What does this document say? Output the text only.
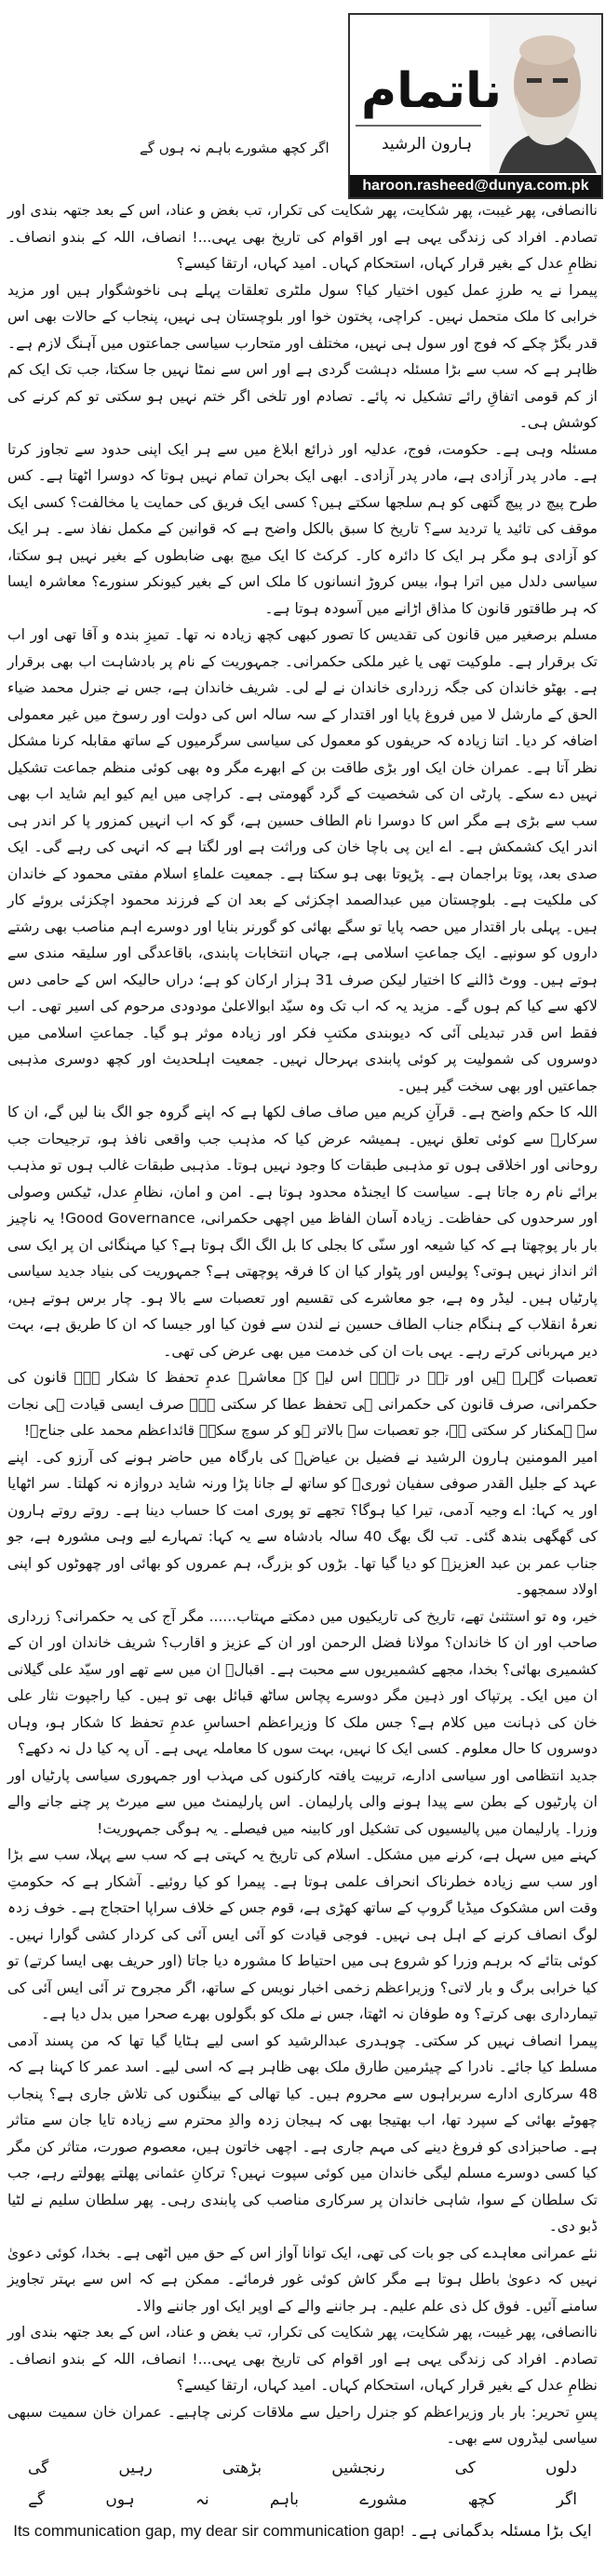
ناتمام
ہارون الرشید
haroon.rasheed@dunya.com.pk
اگر کچھ مشورے باہم نہ ہوں گے

ناانصافی، پھر غیبت، پھر شکایت، پھر شکایت کی تکرار، تب بغض و عناد، اس کے بعد جتھہ بندی اور تصادم۔ افراد کی زندگی یہی ہے اور اقوام کی تاریخ بھی یہی...! انصاف، اللہ کے بندو انصاف۔ نظامِ عدل کے بغیر قرار کہاں، استحکام کہاں۔ امید کہاں، ارتقا کیسے؟

پیمرا نے یہ طرزِ عمل کیوں اختیار کیا؟ سول ملٹری تعلقات پہلے ہی ناخوشگوار ہیں اور مزید خرابی کا ملک متحمل نہیں۔ کراچی، پختون خوا اور بلوچستان ہی نہیں، پنجاب کے حالات بھی اس قدر بگڑ چکے کہ فوج اور سول ہی نہیں، مختلف اور متحارب سیاسی جماعتوں میں آہنگ لازم ہے۔ ظاہر ہے کہ سب سے بڑا مسئلہ دہشت گردی ہے اور اس سے نمٹا نہیں جا سکتا، جب تک ایک کم از کم قومی اتفاقِ رائے تشکیل نہ پائے۔ تصادم اور تلخی اگر ختم نہیں ہو سکتی تو کم کرنے کی کوشش ہی۔

مسئلہ وہی ہے۔ حکومت، فوج، عدلیہ اور ذرائع ابلاغ میں سے ہر ایک اپنی حدود سے تجاوز کرتا ہے۔ مادر پدر آزادی ہے، مادر پدر آزادی۔ ابھی ایک بحران تمام نہیں ہوتا کہ دوسرا اٹھتا ہے۔ کس طرح پیچ در پیچ گتھی کو ہم سلجھا سکتے ہیں؟ کسی ایک فریق کی حمایت یا مخالفت؟ کسی ایک موقف کی تائید یا تردید سے؟ تاریخ کا سبق بالکل واضح ہے کہ قوانین کے مکمل نفاذ سے۔ ہر ایک کو آزادی ہو مگر ہر ایک کا دائرہ کار۔ کرکٹ کا ایک میچ بھی ضابطوں کے بغیر نہیں ہو سکتا، سیاسی دلدل میں اترا ہوا، بیس کروڑ انسانوں کا ملک اس کے بغیر کیونکر سنورے؟ معاشرہ ایسا کہ ہر طاقتور قانون کا مذاق اڑانے میں آسودہ ہوتا ہے۔

مسلم برصغیر میں قانون کی تقدیس کا تصور کبھی کچھ زیادہ نہ تھا۔ تمیزِ بندہ و آقا تھی اور اب تک برقرار ہے۔ ملوکیت تھی یا غیر ملکی حکمرانی۔ جمہوریت کے نام پر بادشاہت اب بھی برقرار ہے۔ بھٹو خاندان کی جگہ زرداری خاندان نے لے لی۔ شریف خاندان ہے، جس نے جنرل محمد ضیاء الحق کے مارشل لا میں فروغ پایا اور اقتدار کے سہ سالہ اس کی دولت اور رسوخ میں غیر معمولی اضافہ کر دیا۔ اتنا زیادہ کہ حریفوں کو معمول کی سیاسی سرگرمیوں کے ساتھ مقابلہ کرنا مشکل نظر آتا ہے۔ عمران خان ایک اور بڑی طاقت بن کے ابھرے مگر وہ بھی کوئی منظم جماعت تشکیل نہیں دے سکے۔ پارٹی ان کی شخصیت کے گرد گھومتی ہے۔ کراچی میں ایم کیو ایم شاید اب بھی سب سے بڑی ہے مگر اس کا دوسرا نام الطاف حسین ہے، گو کہ اب انہیں کمزور پا کر اندر ہی اندر ایک کشمکش ہے۔ اے این پی باچا خان کی وراثت ہے اور لگتا ہے کہ انہی کی رہے گی۔ ایک صدی بعد، پوتا براجمان ہے۔ پڑپوتا بھی ہو سکتا ہے۔ جمعیت علماءِ اسلام مفتی محمود کے خاندان کی ملکیت ہے۔ بلوچستان میں عبدالصمد اچکزئی کے بعد ان کے فرزند محمود اچکزئی بروئے کار ہیں۔ پہلی بار اقتدار میں حصہ پایا تو سگے بھائی کو گورنر بنایا اور دوسرے اہم مناصب بھی رشتے داروں کو سونپے۔ ایک جماعتِ اسلامی ہے، جہاں انتخابات پابندی، باقاعدگی اور سلیقہ مندی سے ہوتے ہیں۔ ووٹ ڈالنے کا اختیار لیکن صرف 31 ہزار ارکان کو ہے؛ دراں حالیکہ اس کے حامی دس لاکھ سے کیا کم ہوں گے۔ مزید یہ کہ اب تک وہ سیّد ابوالاعلیٰ مودودی مرحوم کی اسیر تھی۔ اب فقط اس قدر تبدیلی آئی کہ دیوبندی مکتبِ فکر اور زیادہ موثر ہو گیا۔ جماعتِ اسلامی میں دوسروں کی شمولیت پر کوئی پابندی بہرحال نہیں۔ جمعیت اہلحدیث اور کچھ دوسری مذہبی جماعتیں اور بھی سخت گیر ہیں۔

اللہ کا حکم واضح ہے۔ قرآنِ کریم میں صاف صاف لکھا ہے کہ اپنے گروہ جو الگ بنا لیں گے، ان کا سرکارؐ سے کوئی تعلق نہیں۔ ہمیشہ عرض کیا کہ مذہب جب واقعی نافذ ہو، ترجیحات جب روحانی اور اخلاقی ہوں تو مذہبی طبقات کا وجود نہیں ہوتا۔ مذہبی طبقات غالب ہوں تو مذہب برائے نام رہ جاتا ہے۔ سیاست کا ایجنڈہ محدود ہوتا ہے۔ امن و امان، نظامِ عدل، ٹیکس وصولی اور سرحدوں کی حفاظت۔ زیادہ آسان الفاظ میں اچھی حکمرانی، Good Governance! یہ ناچیز بار بار پوچھتا ہے کہ کیا شیعہ اور سنّی کا بجلی کا بل الگ الگ ہوتا ہے؟ کیا مہنگائی ان پر ایک سی اثر انداز نہیں ہوتی؟ پولیس اور پٹوار کیا ان کا فرقہ پوچھتی ہے؟ جمہوریت کی بنیاد جدید سیاسی پارٹیاں ہیں۔ لیڈر وہ ہے، جو معاشرے کی تقسیم اور تعصبات سے بالا ہو۔ چار برس ہوتے ہیں، نعرۂ انقلاب کے ہنگام جناب الطاف حسین نے لندن سے فون کیا اور جیسا کہ ان کا طریق ہے، بہت دیر مہربانی کرتے رہے۔ یہی بات ان کی خدمت میں بھی عرض کی تھی۔

تعصبات گہرے ہیں اور تہہ در تہہ۔ اس لیے کہ معاشرہ عدمِ تحفظ کا شکار ہے۔ قانون کی حکمرانی، صرف قانون کی حکمرانی ہی تحفظ عطا کر سکتی ہے۔ صرف ایسی قیادت ہی نجات سے ہمکنار کر سکتی ہے، جو تعصبات سے بالاتر ہو کر سوچ سکے۔ قائداعظم محمد علی جناحؒ!

امیر المومنین ہارون الرشید نے فضیل بن عیاضؒ کی بارگاہ میں حاضر ہونے کی آرزو کی۔ اپنے عہد کے جلیل القدر صوفی سفیان ثوریؒ کو ساتھ لے جانا پڑا ورنہ شاید دروازہ نہ کھلتا۔ سر اٹھایا اور یہ کہا: اے وجیہ آدمی، تیرا کیا ہوگا؟ تجھے تو پوری امت کا حساب دینا ہے۔ روتے روتے ہارون کی گھگھی بندھ گئی۔ تب لگ بھگ 40 سالہ بادشاہ سے یہ کہا: تمہارے لیے وہی مشورہ ہے، جو جناب عمر بن عبد العزیزؒ کو دیا گیا تھا۔ بڑوں کو بزرگ، ہم عمروں کو بھائی اور چھوٹوں کو اپنی اولاد سمجھو۔

خیر، وہ تو استثنیٰ تھے، تاریخ کی تاریکیوں میں دمکتے مہتاب...... مگر آج کی یہ حکمرانی؟ زرداری صاحب اور ان کا خاندان؟ مولانا فضل الرحمن اور ان کے عزیز و اقارب؟ شریف خاندان اور ان کے کشمیری بھائی؟ بخدا، مجھے کشمیریوں سے محبت ہے۔ اقبالؒ ان میں سے تھے اور سیّد علی گیلانی ان میں ایک۔ پرتپاک اور ذہین مگر دوسرے پچاس ساٹھ قبائل بھی تو ہیں۔ کیا راجپوت نثار علی خان کی ذہانت میں کلام ہے؟ جس ملک کا وزیراعظم احساسِ عدمِ تحفظ کا شکار ہو، وہاں دوسروں کا حال معلوم۔ کسی ایک کا نہیں، بہت سوں کا معاملہ یہی ہے۔ آں پہ کیا دل نہ دکھے؟

جدید انتظامی اور سیاسی ادارے، تربیت یافتہ کارکنوں کی مہذب اور جمہوری سیاسی پارٹیاں اور ان پارٹیوں کے بطن سے پیدا ہونے والی پارلیمان۔ اس پارلیمنٹ میں سے میرٹ پر چنے جانے والے وزرا۔ پارلیمان میں پالیسیوں کی تشکیل اور کابینہ میں فیصلے۔ یہ ہوگی جمہوریت!

کہنے میں سہل ہے، کرنے میں مشکل۔ اسلام کی تاریخ یہ کہتی ہے کہ سب سے پہلا، سب سے بڑا اور سب سے زیادہ خطرناک انحراف علمی ہوتا ہے۔ پیمرا کو کیا روئیے۔ آشکار ہے کہ حکومتِ وقت اس مشکوک میڈیا گروپ کے ساتھ کھڑی ہے، قوم جس کے خلاف سراپا احتجاج ہے۔ خوف زدہ لوگ انصاف کرنے کے اہل ہی نہیں۔ فوجی قیادت کو آئی ایس آئی کی کردار کشی گوارا نہیں۔ کوئی بتائے کہ برہم وزرا کو شروع ہی میں احتیاط کا مشورہ دیا جاتا (اور حریف بھی ایسا کرتے) تو کیا خرابی برگ و بار لاتی؟ وزیراعظم زخمی اخبار نویس کے ساتھ، اگر مجروح تر آئی ایس آئی کی تیمارداری بھی کرتے؟ وہ طوفان نہ اٹھتا، جس نے ملک کو بگولوں بھرے صحرا میں بدل دیا ہے۔

پیمرا انصاف نہیں کر سکتی۔ چوہدری عبدالرشید کو اسی لیے ہٹایا گیا تھا کہ من پسند آدمی مسلط کیا جائے۔ نادرا کے چیئرمین طارق ملک بھی ظاہر ہے کہ اسی لیے۔ اسد عمر کا کہنا ہے کہ 48 سرکاری ادارے سربراہوں سے محروم ہیں۔ کیا تھالی کے بینگنوں کی تلاش جاری ہے؟ پنجاب چھوٹے بھائی کے سپرد تھا، اب بھتیجا بھی کہ ہیجان زدہ والدِ محترم سے زیادہ تایا جان سے متاثر ہے۔ صاحبزادی کو فروغ دینے کی مہم جاری ہے۔ اچھی خاتون ہیں، معصوم صورت، متاثر کن مگر کیا کسی دوسرے مسلم لیگی خاندان میں کوئی سپوت نہیں؟ ترکانِ عثمانی پھلتے پھولتے رہے، جب تک سلطان کے سوا، شاہی خاندان پر سرکاری مناصب کی پابندی رہی۔ پھر سلطان سلیم نے لٹیا ڈبو دی۔

نئے عمرانی معاہدے کی جو بات کی تھی، ایک توانا آواز اس کے حق میں اٹھی ہے۔ بخدا، کوئی دعویٰ نہیں کہ دعویٰ باطل ہوتا ہے مگر کاش کوئی غور فرمائے۔ ممکن ہے کہ اس سے بہتر تجاویز سامنے آئیں۔ فوق کل ذی علم علیم۔ ہر جاننے والے کے اوپر ایک اور جاننے والا۔

ناانصافی، پھر غیبت، پھر شکایت، پھر شکایت کی تکرار، تب بغض و عناد، اس کے بعد جتھہ بندی اور تصادم۔ افراد کی زندگی یہی ہے اور اقوام کی تاریخ بھی یہی...! انصاف، اللہ کے بندو انصاف۔ نظامِ عدل کے بغیر قرار کہاں، استحکام کہاں۔ امید کہاں، ارتقا کیسے؟

پسِ تحریر: بار بار وزیراعظم کو جنرل راحیل سے ملاقات کرنی چاہیے۔ عمران خان سمیت سبھی سیاسی لیڈروں سے بھی۔

دلوں
کی
رنجشیں
بڑھتی
رہیں
گی
اگر
کچھ
مشورے
باہم
نہ
ہوں
گے
ایک بڑا مسئلہ بدگمانی ہے۔ Its communication gap, my dear sir communication gap!
